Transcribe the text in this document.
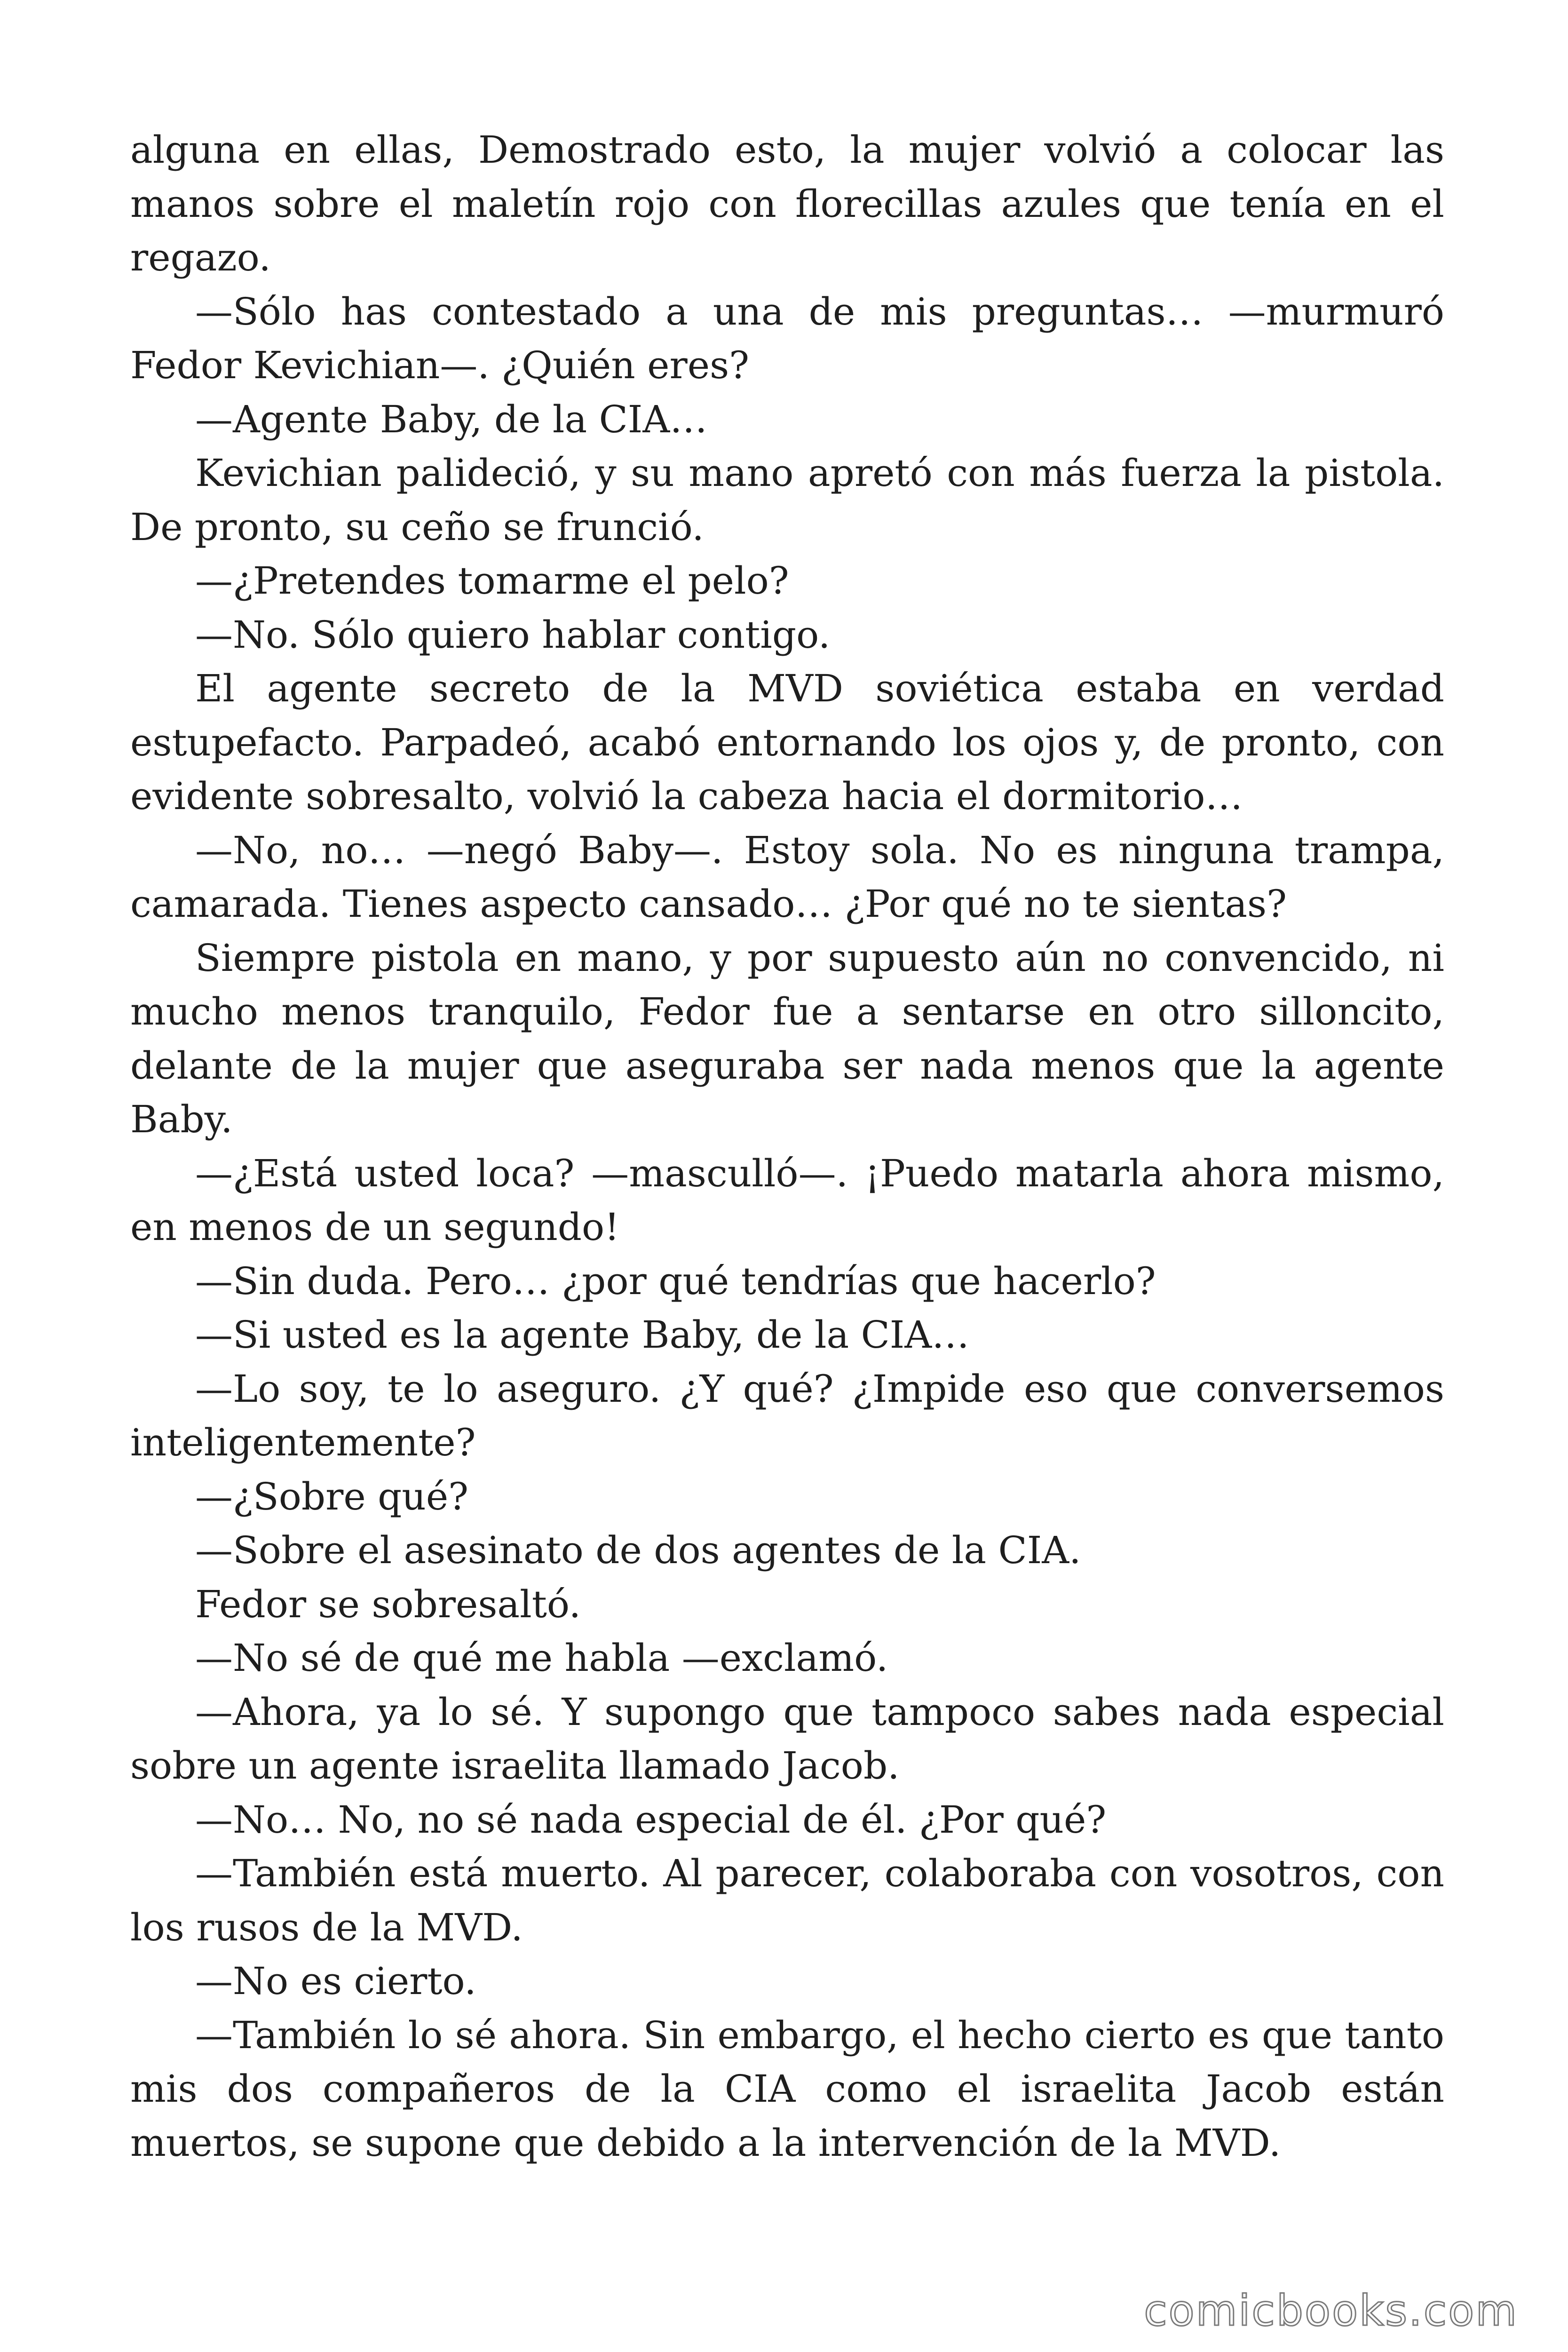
alguna en ellas, Demostrado esto, la mujer volvió a colocar las manos sobre el maletín rojo con florecillas azules que tenía en el regazo.

—Sólo has contestado a una de mis preguntas… —murmuró Fedor Kevichian—. ¿Quién eres?

—Agente Baby, de la CIA…

Kevichian palideció, y su mano apretó con más fuerza la pistola. De pronto, su ceño se frunció.

—¿Pretendes tomarme el pelo?

—No. Sólo quiero hablar contigo.

El agente secreto de la MVD soviética estaba en verdad estupefacto. Parpadeó, acabó entornando los ojos y, de pronto, con evidente sobresalto, volvió la cabeza hacia el dormitorio…

—No, no… —negó Baby—. Estoy sola. No es ninguna trampa, camarada. Tienes aspecto cansado… ¿Por qué no te sientas?

Siempre pistola en mano, y por supuesto aún no convencido, ni mucho menos tranquilo, Fedor fue a sentarse en otro silloncito, delante de la mujer que aseguraba ser nada menos que la agente Baby.

—¿Está usted loca? —masculló—. ¡Puedo matarla ahora mismo, en menos de un segundo!

—Sin duda. Pero… ¿por qué tendrías que hacerlo?

—Si usted es la agente Baby, de la CIA…

—Lo soy, te lo aseguro. ¿Y qué? ¿Impide eso que conversemos inteligentemente?

—¿Sobre qué?

—Sobre el asesinato de dos agentes de la CIA.

Fedor se sobresaltó.

—No sé de qué me habla —exclamó.

—Ahora, ya lo sé. Y supongo que tampoco sabes nada especial sobre un agente israelita llamado Jacob.

—No… No, no sé nada especial de él. ¿Por qué?

—También está muerto. Al parecer, colaboraba con vosotros, con los rusos de la MVD.

—No es cierto.

—También lo sé ahora. Sin embargo, el hecho cierto es que tanto mis dos compañeros de la CIA como el israelita Jacob están muertos, se supone que debido a la intervención de la MVD.

comicbooks.com
